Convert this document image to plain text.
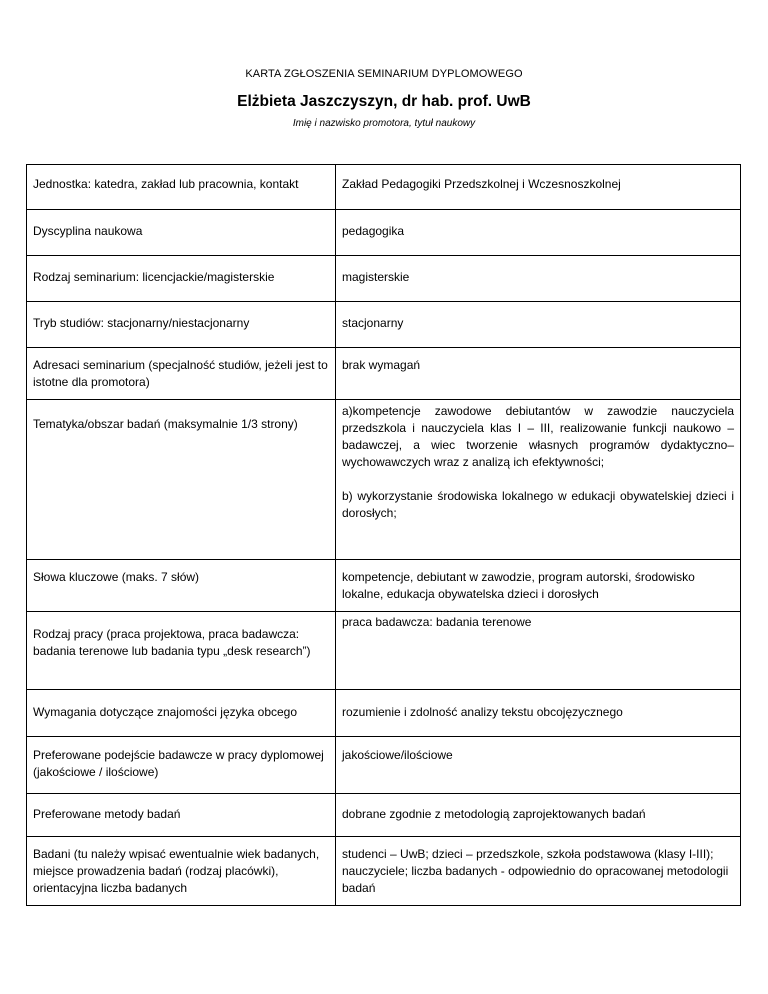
KARTA ZGŁOSZENIA SEMINARIUM DYPLOMOWEGO
Elżbieta Jaszczyszyn, dr hab. prof. UwB
Imię i nazwisko promotora, tytuł naukowy
Jednostka: katedra, zakład lub pracownia, kontakt	Zakład Pedagogiki Przedszkolnej i Wczesnoszkolnej

Dyscyplina naukowa	pedagogika

Rodzaj seminarium: licencjackie/magisterskie	magisterskie

Tryb studiów: stacjonarny/niestacjonarny	stacjonarny

Adresaci seminarium (specjalność studiów, jeżeli jest to istotne dla promotora)	brak wymagań

Tematyka/obszar badań (maksymalnie 1/3 strony)	a)kompetencje zawodowe debiutantów w zawodzie nauczyciela przedszkola i nauczyciela klas I – III, realizowanie funkcji naukowo – badawczej, a wiec tworzenie własnych programów dydaktyczno–wychowawczych wraz z analizą ich efektywności;
b) wykorzystanie środowiska lokalnego w edukacji obywatelskiej dzieci i dorosłych;

Słowa kluczowe (maks. 7 słów)	kompetencje, debiutant w zawodzie, program autorski, środowisko lokalne, edukacja obywatelska dzieci i dorosłych

Rodzaj pracy (praca projektowa, praca badawcza: badania terenowe lub badania typu „desk research”)	praca badawcza: badania terenowe

Wymagania dotyczące znajomości języka obcego	rozumienie i zdolność analizy tekstu obcojęzycznego

Preferowane podejście badawcze w pracy dyplomowej (jakościowe / ilościowe)	jakościowe/ilościowe

Preferowane metody badań	dobrane zgodnie z metodologią zaprojektowanych badań

Badani (tu należy wpisać ewentualnie wiek badanych, miejsce prowadzenia badań (rodzaj placówki), orientacyjna liczba badanych	studenci – UwB; dzieci – przedszkole, szkoła podstawowa (klasy I-III); nauczyciele; liczba badanych - odpowiednio do opracowanej metodologii badań
